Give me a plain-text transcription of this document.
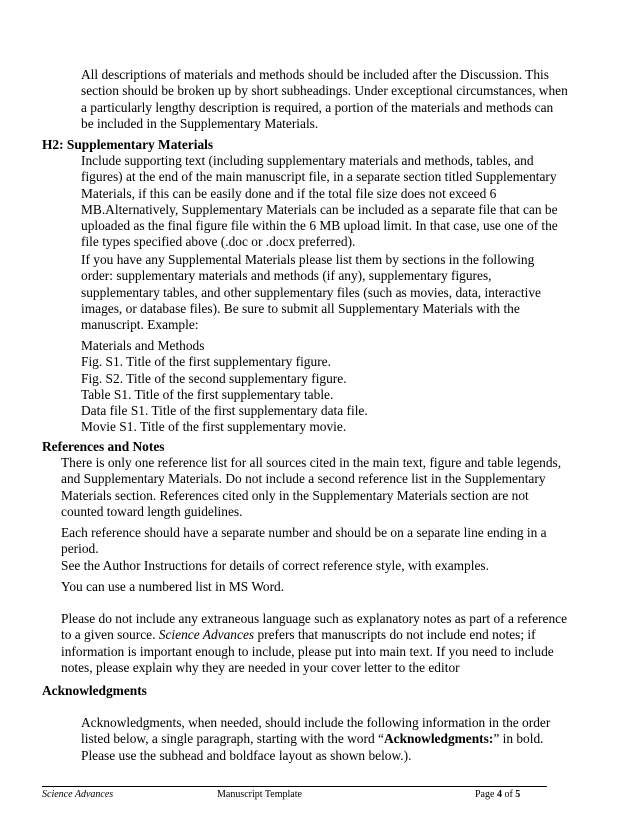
All descriptions of materials and methods should be included after the Discussion. This
section should be broken up by short subheadings. Under exceptional circumstances, when
a particularly lengthy description is required, a portion of the materials and methods can
be included in the Supplementary Materials.
H2: Supplementary Materials
Include supporting text (including supplementary materials and methods, tables, and
figures) at the end of the main manuscript file, in a separate section titled Supplementary
Materials, if this can be easily done and if the total file size does not exceed 6
MB.Alternatively, Supplementary Materials can be included as a separate file that can be
uploaded as the final figure file within the 6 MB upload limit. In that case, use one of the
file types specified above (.doc or .docx preferred).
If you have any Supplemental Materials please list them by sections in the following
order: supplementary materials and methods (if any), supplementary figures,
supplementary tables, and other supplementary files (such as movies, data, interactive
images, or database files). Be sure to submit all Supplementary Materials with the
manuscript. Example:
Materials and Methods
Fig. S1. Title of the first supplementary figure.
Fig. S2. Title of the second supplementary figure.
Table S1. Title of the first supplementary table.
Data file S1. Title of the first supplementary data file.
Movie S1. Title of the first supplementary movie.
References and Notes
There is only one reference list for all sources cited in the main text, figure and table legends,
and Supplementary Materials. Do not include a second reference list in the Supplementary
Materials section. References cited only in the Supplementary Materials section are not
counted toward length guidelines.
Each reference should have a separate number and should be on a separate line ending in a
period.
See the Author Instructions for details of correct reference style, with examples.
You can use a numbered list in MS Word.
Please do not include any extraneous language such as explanatory notes as part of a reference
to a given source. Science Advances prefers that manuscripts do not include end notes; if
information is important enough to include, please put into main text. If you need to include
notes, please explain why they are needed in your cover letter to the editor
Acknowledgments
Acknowledgments, when needed, should include the following information in the order
listed below, a single paragraph, starting with the word “Acknowledgments:” in bold.
Please use the subhead and boldface layout as shown below.).
Science Advances	Manuscript Template	Page 4 of 5
